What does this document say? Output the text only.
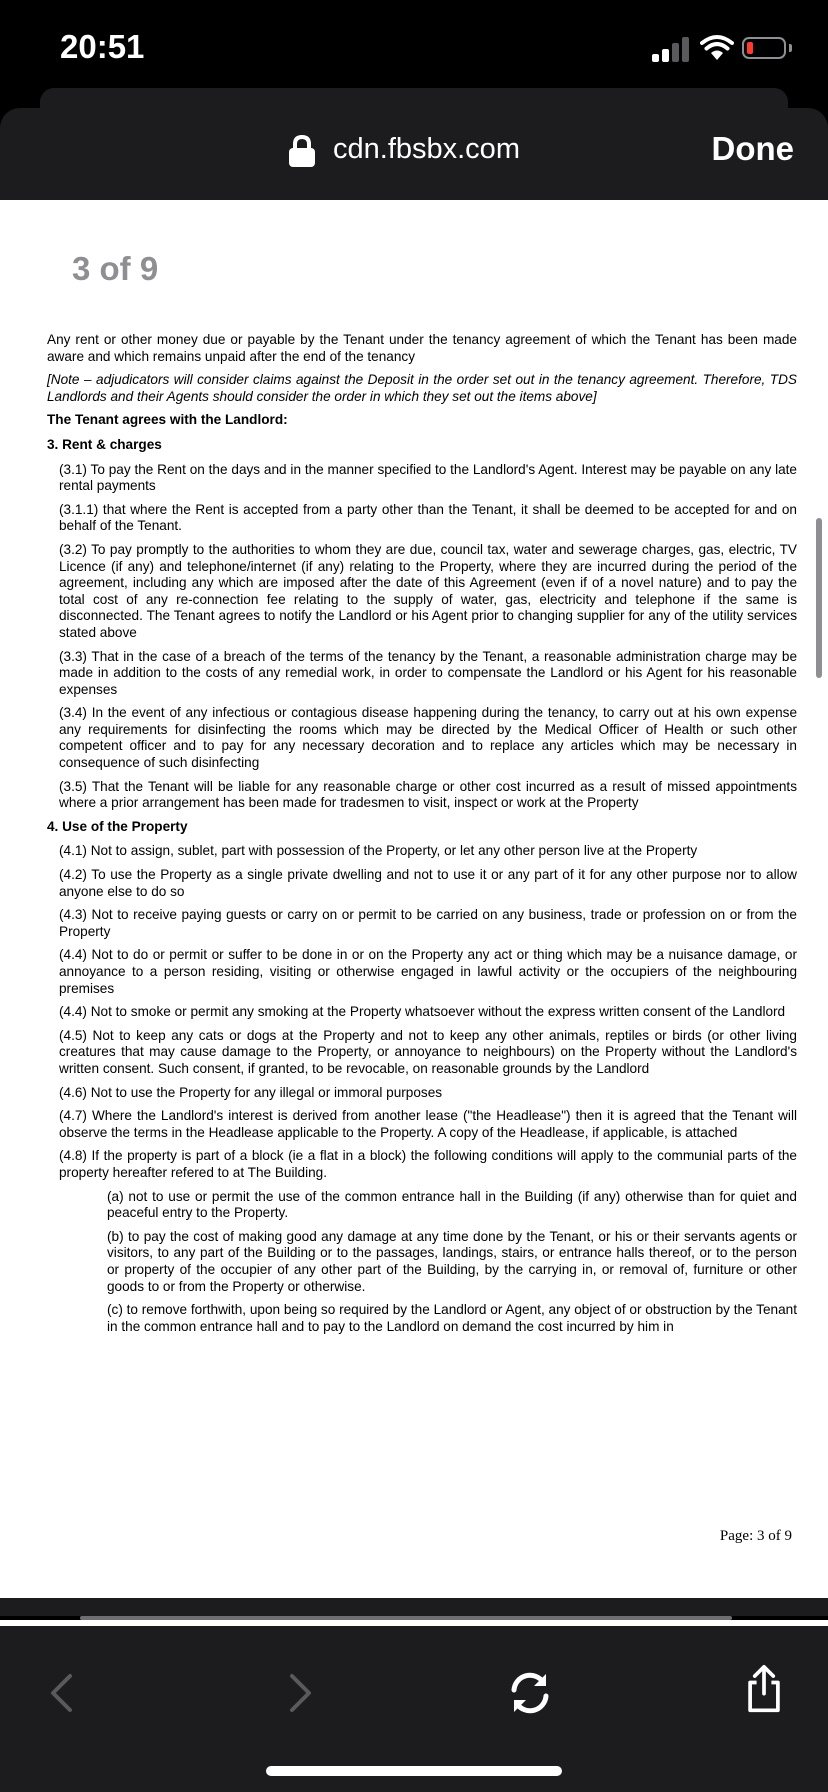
20:51
cdn.fbsbx.com	Done
3 of 9

Any rent or other money due or payable by the Tenant under the tenancy agreement of which the Tenant has been made aware and which remains unpaid after the end of the tenancy

[Note – adjudicators will consider claims against the Deposit in the order set out in the tenancy agreement. Therefore, TDS Landlords and their Agents should consider the order in which they set out the items above]

The Tenant agrees with the Landlord:

3. Rent & charges

(3.1) To pay the Rent on the days and in the manner specified to the Landlord's Agent. Interest may be payable on any late rental payments

(3.1.1) that where the Rent is accepted from a party other than the Tenant, it shall be deemed to be accepted for and on behalf of the Tenant.

(3.2) To pay promptly to the authorities to whom they are due, council tax, water and sewerage charges, gas, electric, TV Licence (if any) and telephone/internet (if any) relating to the Property, where they are incurred during the period of the agreement, including any which are imposed after the date of this Agreement (even if of a novel nature) and to pay the total cost of any re-connection fee relating to the supply of water, gas, electricity and telephone if the same is disconnected. The Tenant agrees to notify the Landlord or his Agent prior to changing supplier for any of the utility services stated above

(3.3) That in the case of a breach of the terms of the tenancy by the Tenant, a reasonable administration charge may be made in addition to the costs of any remedial work, in order to compensate the Landlord or his Agent for his reasonable expenses

(3.4) In the event of any infectious or contagious disease happening during the tenancy, to carry out at his own expense any requirements for disinfecting the rooms which may be directed by the Medical Officer of Health or such other competent officer and to pay for any necessary decoration and to replace any articles which may be necessary in consequence of such disinfecting

(3.5) That the Tenant will be liable for any reasonable charge or other cost incurred as a result of missed appointments where a prior arrangement has been made for tradesmen to visit, inspect or work at the Property

4. Use of the Property

(4.1) Not to assign, sublet, part with possession of the Property, or let any other person live at the Property

(4.2) To use the Property as a single private dwelling and not to use it or any part of it for any other purpose nor to allow anyone else to do so

(4.3) Not to receive paying guests or carry on or permit to be carried on any business, trade or profession on or from the Property

(4.4) Not to do or permit or suffer to be done in or on the Property any act or thing which may be a nuisance damage, or annoyance to a person residing, visiting or otherwise engaged in lawful activity or the occupiers of the neighbouring premises

(4.4) Not to smoke or permit any smoking at the Property whatsoever without the express written consent of the Landlord

(4.5) Not to keep any cats or dogs at the Property and not to keep any other animals, reptiles or birds (or other living creatures that may cause damage to the Property, or annoyance to neighbours) on the Property without the Landlord's written consent. Such consent, if granted, to be revocable, on reasonable grounds by the Landlord

(4.6) Not to use the Property for any illegal or immoral purposes

(4.7) Where the Landlord's interest is derived from another lease ("the Headlease") then it is agreed that the Tenant will observe the terms in the Headlease applicable to the Property. A copy of the Headlease, if applicable, is attached

(4.8) If the property is part of a block (ie a flat in a block) the following conditions will apply to the communial parts of the property hereafter refered to at The Building.

(a) not to use or permit the use of the common entrance hall in the Building (if any) otherwise than for quiet and peaceful entry to the Property.

(b) to pay the cost of making good any damage at any time done by the Tenant, or his or their servants agents or visitors, to any part of the Building or to the passages, landings, stairs, or entrance halls thereof, or to the person or property of the occupier of any other part of the Building, by the carrying in, or removal of, furniture or other goods to or from the Property or otherwise.

(c) to remove forthwith, upon being so required by the Landlord or Agent, any object of or obstruction by the Tenant in the common entrance hall and to pay to the Landlord on demand the cost incurred by him in

Page: 3 of 9
